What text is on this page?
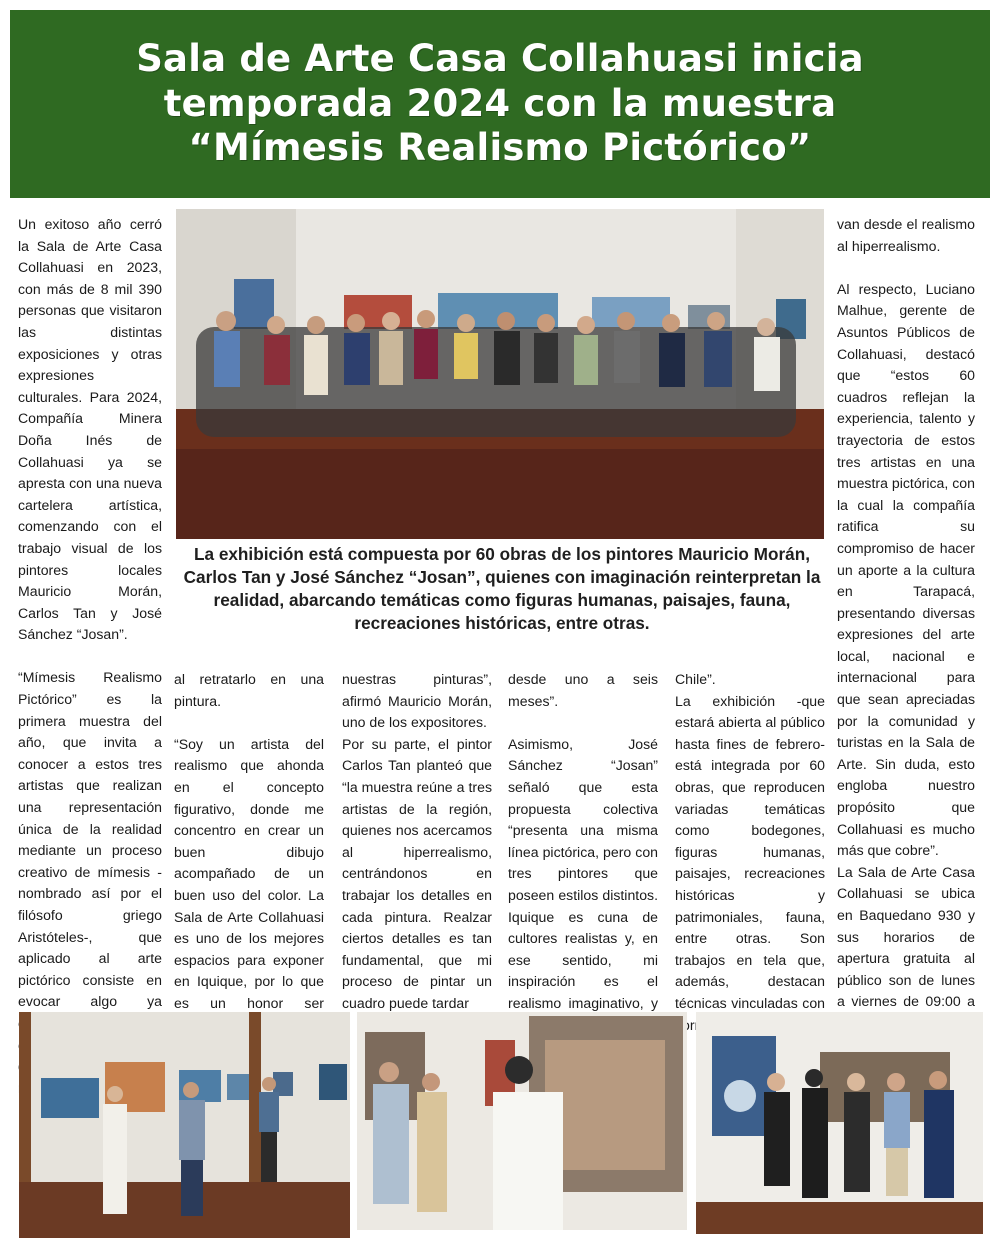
Sala de Arte Casa Collahuasi inicia
temporada 2024 con la muestra
“Mímesis Realismo Pictórico”

Un exitoso año cerró la Sala de Arte Casa Collahuasi en 2023, con más de 8 mil 390 personas que visitaron las distintas exposiciones y otras expresiones culturales. Para 2024, Compañía Minera Doña Inés de Collahuasi ya se apresta con una nueva cartelera artística, comenzando con el trabajo visual de los pintores locales Mauricio Morán, Carlos Tan y José Sánchez “Josan”.

“Mímesis Realismo Pictórico” es la primera muestra del año, que invita a conocer a estos tres artistas que realizan una representación única de la realidad mediante un proceso creativo de mímesis -nombrado así por el filósofo griego Aristóteles-, que aplicado al arte pictórico consiste en evocar algo ya

La exhibición está compuesta por 60 obras de los pintores Mauricio Morán, Carlos Tan y José Sánchez “Josan”, quienes con imaginación reinterpretan la realidad, abarcando temáticas como figuras humanas, paisajes, fauna, recreaciones históricas, entre otras.

al retratarlo en una pintura.

“Soy un artista del realismo que ahonda en el concepto figurativo, donde me concentro en crear un buen dibujo acompañado de un buen uso del color. La Sala de Arte Collahuasi es uno de los mejores espacios para exponer en Iquique, por lo que es un honor ser

nuestras pinturas”, afirmó Mauricio Morán, uno de los expositores.

Por su parte, el pintor Carlos Tan planteó que “la muestra reúne a tres artistas de la región, quienes nos acercamos al hiperrealismo, centrándonos en trabajar los detalles en cada pintura. Realzar ciertos detalles es tan fundamental, que mi proceso de pintar un cuadro puede tardar

desde uno a seis meses”.

Asimismo, José Sánchez “Josan” señaló que esta propuesta colectiva “presenta una misma línea pictórica, pero con tres pintores que poseen estilos distintos. Iquique es cuna de cultores realistas y, en ese sentido, mi inspiración es el realismo imaginativo, y

Chile”.

La exhibición -que estará abierta al público hasta fines de febrero- está integrada por 60 obras, que reproducen variadas temáticas como bodegones, figuras humanas, paisajes, recreaciones históricas y patrimoniales, fauna, entre otras. Son trabajos en tela que, además, destacan técnicas vinculadas con

van desde el realismo al hiperrealismo.

Al respecto, Luciano Malhue, gerente de Asuntos Públicos de Collahuasi, destacó que “estos 60 cuadros reflejan la experiencia, talento y trayectoria de estos tres artistas en una muestra pictórica, con la cual la compañía ratifica su compromiso de hacer un aporte a la cultura en Tarapacá, presentando diversas expresiones del arte local, nacional e internacional para que sean apreciadas por la comunidad y turistas en la Sala de Arte. Sin duda, esto engloba nuestro propósito que Collahuasi es mucho más que cobre”.

La Sala de Arte Casa Collahuasi se ubica en Baquedano 930 y sus horarios de apertura gratuita al público son de lunes a viernes de 09:00 a
